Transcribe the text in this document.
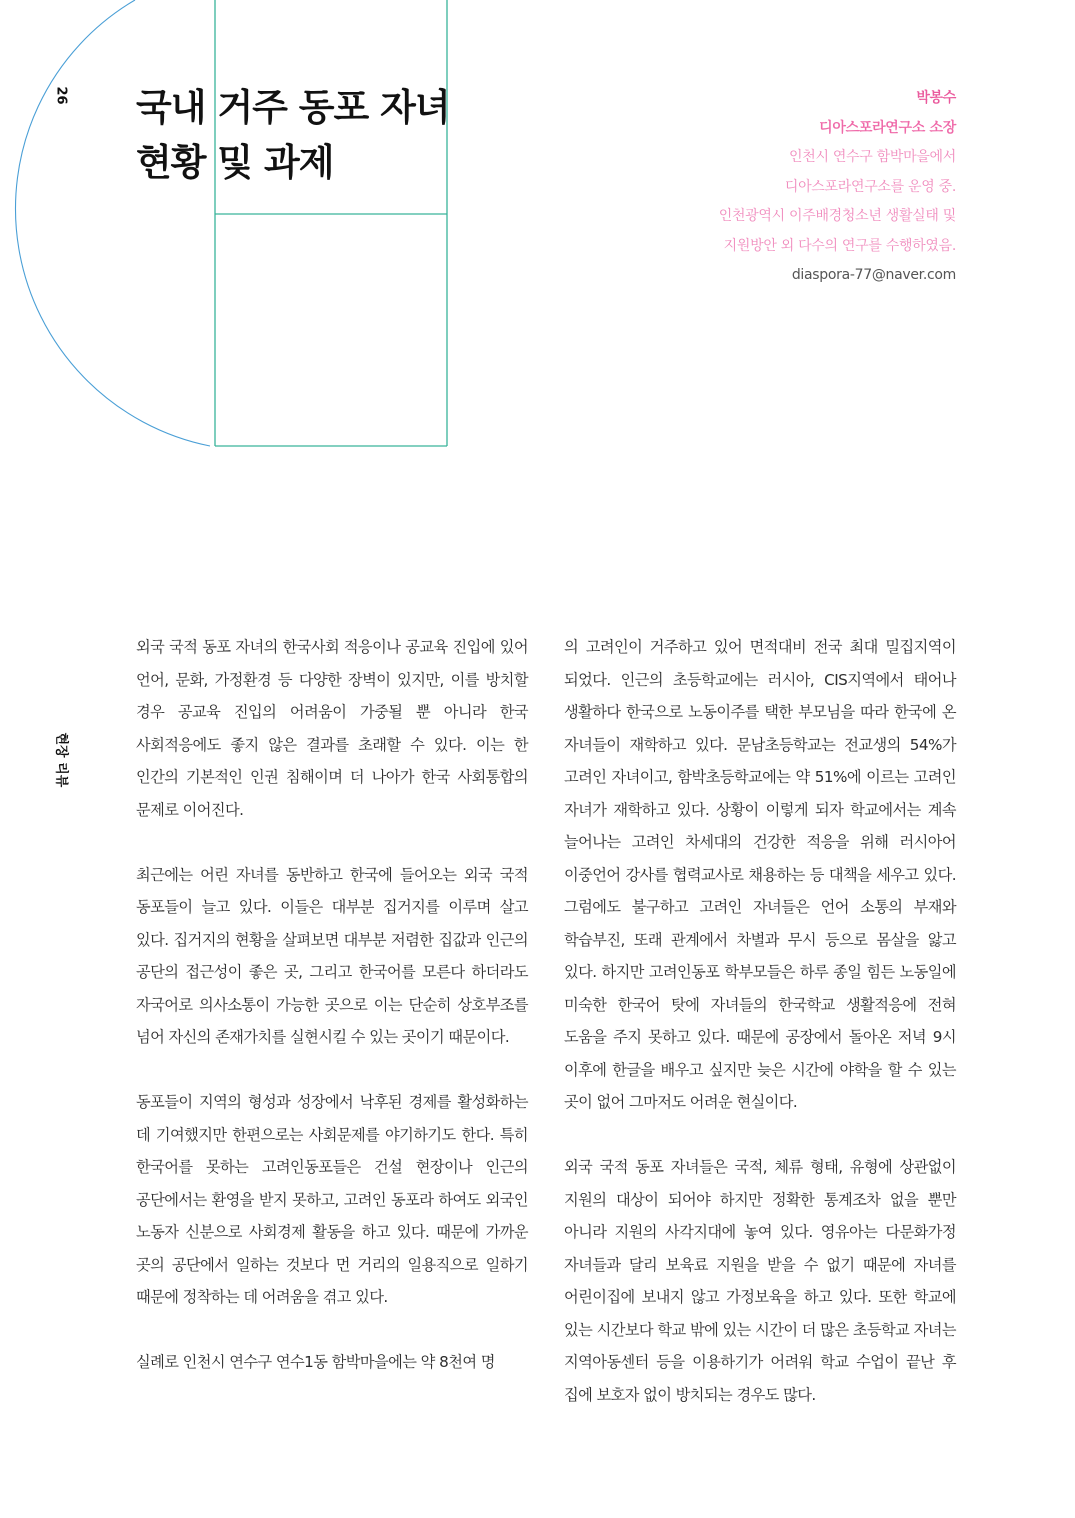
26
현장 리뷰
국내 거주 동포 자녀
현황 및 과제
박봉수
디아스포라연구소 소장
인천시 연수구 함박마을에서
디아스포라연구소를 운영 중.
인천광역시 이주배경청소년 생활실태 및
지원방안 외 다수의 연구를 수행하였음.
diaspora-77@naver.com

외국 국적 동포 자녀의 한국사회 적응이나 공교육 진입에 있어 언어, 문화, 가정환경 등 다양한 장벽이 있지만, 이를 방치할 경우 공교육 진입의 어려움이 가중될 뿐 아니라 한국 사회적응에도 좋지 않은 결과를 초래할 수 있다. 이는 한 인간의 기본적인 인권 침해이며 더 나아가 한국 사회통합의 문제로 이어진다.

최근에는 어린 자녀를 동반하고 한국에 들어오는 외국 국적 동포들이 늘고 있다. 이들은 대부분 집거지를 이루며 살고 있다. 집거지의 현황을 살펴보면 대부분 저렴한 집값과 인근의 공단의 접근성이 좋은 곳, 그리고 한국어를 모른다 하더라도 자국어로 의사소통이 가능한 곳으로 이는 단순히 상호부조를 넘어 자신의 존재가치를 실현시킬 수 있는 곳이기 때문이다.

동포들이 지역의 형성과 성장에서 낙후된 경제를 활성화하는 데 기여했지만 한편으로는 사회문제를 야기하기도 한다. 특히 한국어를 못하는 고려인동포들은 건설 현장이나 인근의 공단에서는 환영을 받지 못하고, 고려인 동포라 하여도 외국인 노동자 신분으로 사회경제 활동을 하고 있다. 때문에 가까운 곳의 공단에서 일하는 것보다 먼 거리의 일용직으로 일하기 때문에 정착하는 데 어려움을 겪고 있다.

실례로 인천시 연수구 연수1동 함박마을에는 약 8천여 명

의 고려인이 거주하고 있어 면적대비 전국 최대 밀집지역이 되었다. 인근의 초등학교에는 러시아, CIS지역에서 태어나 생활하다 한국으로 노동이주를 택한 부모님을 따라 한국에 온 자녀들이 재학하고 있다. 문남초등학교는 전교생의 54%가 고려인 자녀이고, 함박초등학교에는 약 51%에 이르는 고려인 자녀가 재학하고 있다. 상황이 이렇게 되자 학교에서는 계속 늘어나는 고려인 차세대의 건강한 적응을 위해 러시아어 이중언어 강사를 협력교사로 채용하는 등 대책을 세우고 있다. 그럼에도 불구하고 고려인 자녀들은 언어 소통의 부재와 학습부진, 또래 관계에서 차별과 무시 등으로 몸살을 앓고 있다. 하지만 고려인동포 학부모들은 하루 종일 힘든 노동일에 미숙한 한국어 탓에 자녀들의 한국학교 생활적응에 전혀 도움을 주지 못하고 있다. 때문에 공장에서 돌아온 저녁 9시 이후에 한글을 배우고 싶지만 늦은 시간에 야학을 할 수 있는 곳이 없어 그마저도 어려운 현실이다.

외국 국적 동포 자녀들은 국적, 체류 형태, 유형에 상관없이 지원의 대상이 되어야 하지만 정확한 통계조차 없을 뿐만 아니라 지원의 사각지대에 놓여 있다. 영유아는 다문화가정 자녀들과 달리 보육료 지원을 받을 수 없기 때문에 자녀를 어린이집에 보내지 않고 가정보육을 하고 있다. 또한 학교에 있는 시간보다 학교 밖에 있는 시간이 더 많은 초등학교 자녀는 지역아동센터 등을 이용하기가 어려워 학교 수업이 끝난 후 집에 보호자 없이 방치되는 경우도 많다.
